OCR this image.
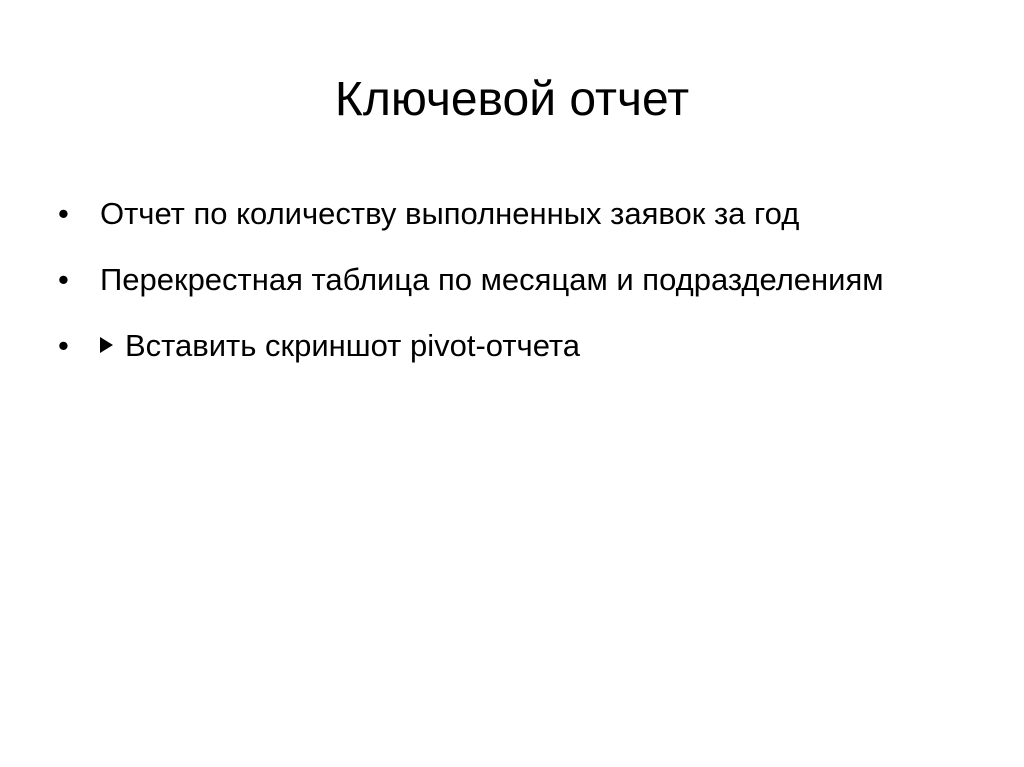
Ключевой отчет
• Отчет по количеству выполненных заявок за год
• Перекрестная таблица по месяцам и подразделениям
• Вставить скриншот pivot-отчета
